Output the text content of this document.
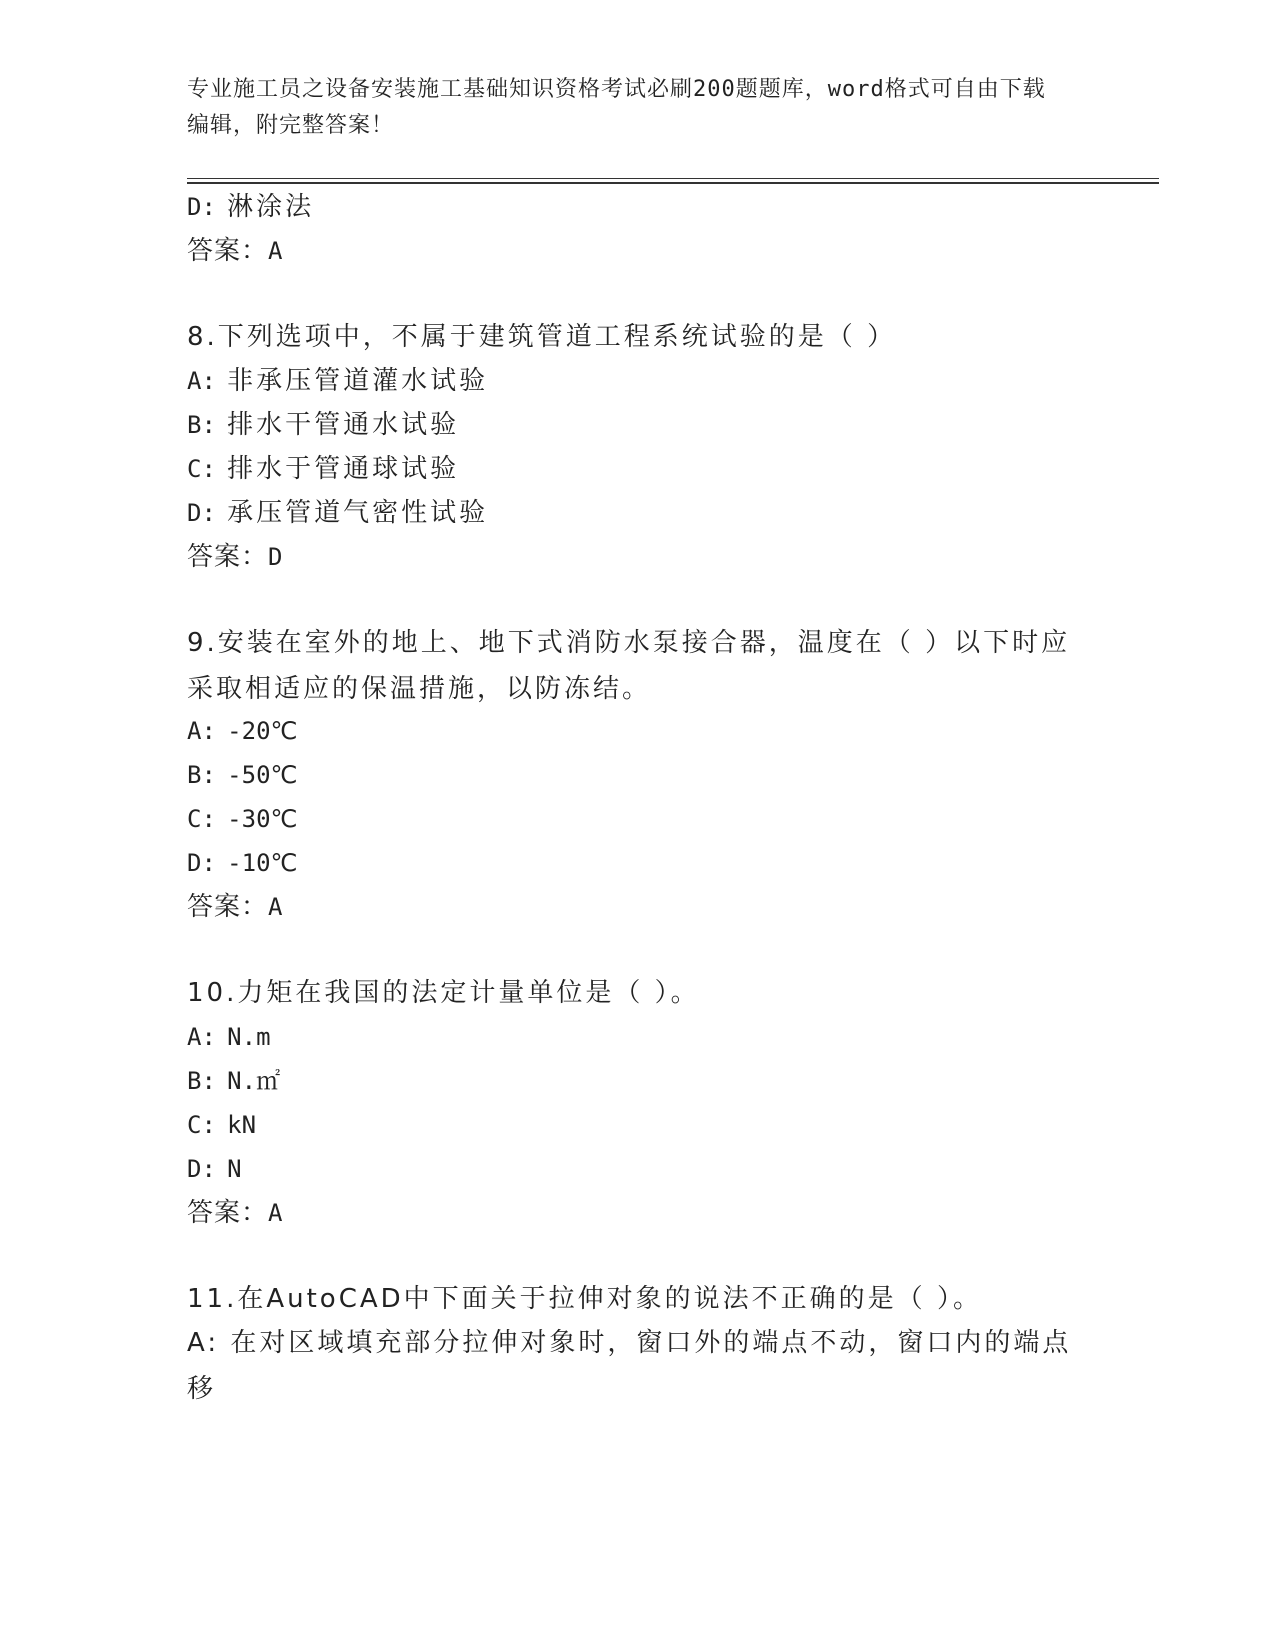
专业施工员之设备安装施工基础知识资格考试必刷200题题库，word格式可自由下载编辑，附完整答案！
D: 淋涂法
答案：A
8.下列选项中，不属于建筑管道工程系统试验的是（ ）
A: 非承压管道灌水试验
B: 排水干管通水试验
C: 排水于管通球试验
D: 承压管道气密性试验
答案：D
9.安装在室外的地上、地下式消防水泵接合器，温度在（ ）以下时应采取相适应的保温措施，以防冻结。
A: -20℃
B: -50℃
C: -30℃
D: -10℃
答案：A
10.力矩在我国的法定计量单位是（ ）。
A: N.m
B: N.㎡
C: kN
D: N
答案：A
11.在AutoCAD中下面关于拉伸对象的说法不正确的是（ ）。
A: 在对区域填充部分拉伸对象时，窗口外的端点不动，窗口内的端点移
